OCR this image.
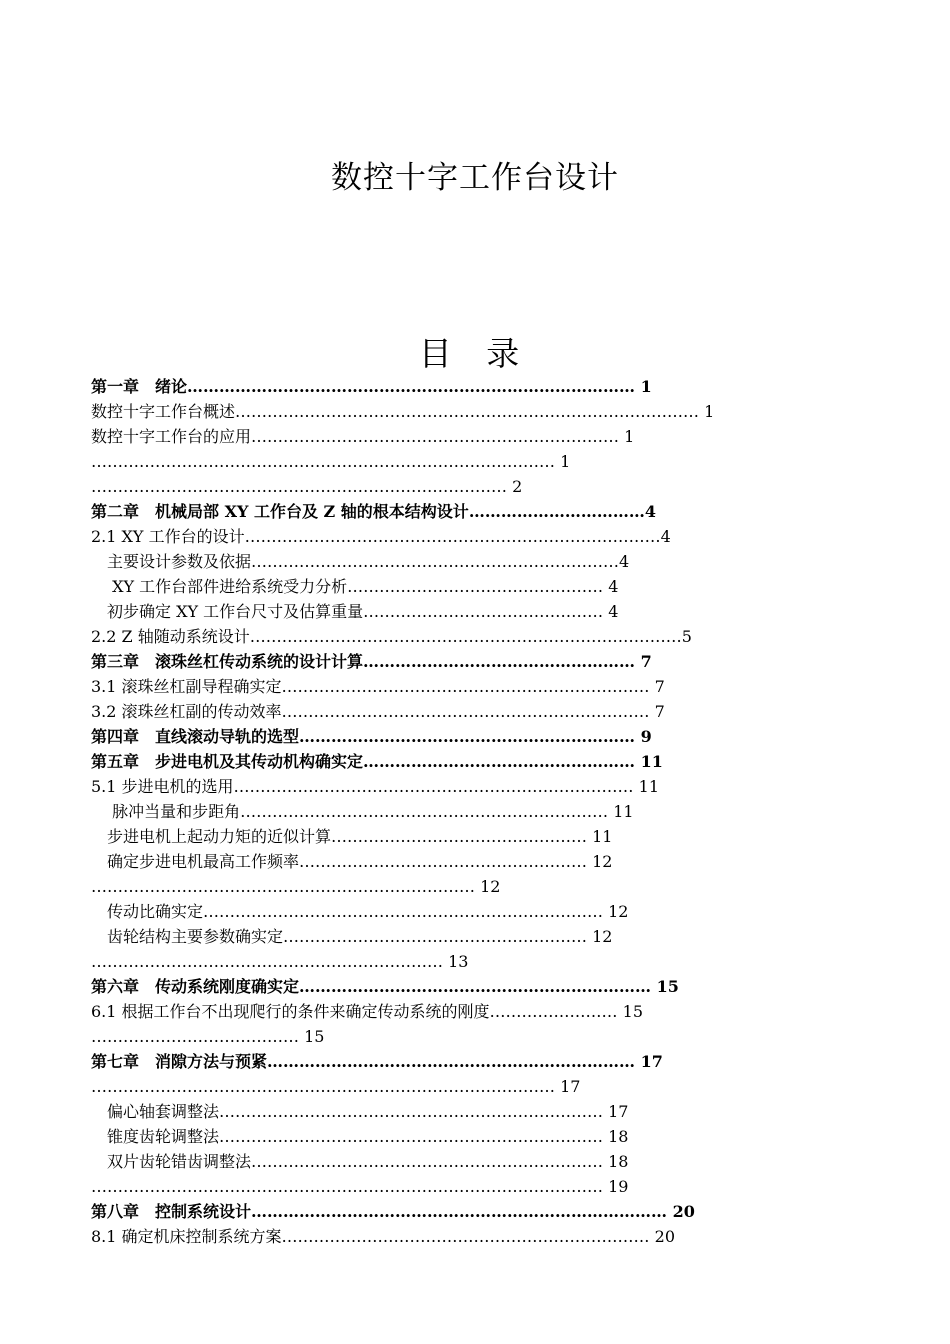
数控十字工作台设计
目 录
第一章　绪论………………………………………………………………………… 1
数控十字工作台概述…………………………………………………………………………… 1
数控十字工作台的应用…………………………………………………………… 1
…………………………………………………………………………… 1
…………………………………………………………………… 2
第二章　机械局部 XY 工作台及 Z 轴的根本结构设计……………………………4
2.1 XY 工作台的设计……………………………………………………………………4
　主要设计参数及依据……………………………………………………………4
　 XY 工作台部件进给系统受力分析………………………………………… 4
　初步确定 XY 工作台尺寸及估算重量……………………………………… 4
2.2 Z 轴随动系统设计………………………………………………………………………5
第三章　滚珠丝杠传动系统的设计计算…………………………………………… 7
3.1 滚珠丝杠副导程确实定…………………………………………………………… 7
3.2 滚珠丝杠副的传动效率…………………………………………………………… 7
第四章　直线滚动导轨的选型……………………………………………………… 9
第五章　步进电机及其传动机构确实定…………………………………………… 11
5.1 步进电机的选用………………………………………………………………… 11
　 脉冲当量和步距角…………………………………………………………… 11
　步进电机上起动力矩的近似计算………………………………………… 11
　确定步进电机最高工作频率……………………………………………… 12
……………………………………………………………… 12
　传动比确实定………………………………………………………………… 12
　齿轮结构主要参数确实定………………………………………………… 12
………………………………………………………… 13
第六章　传动系统刚度确实定………………………………………………………… 15
6.1 根据工作台不出现爬行的条件来确定传动系统的刚度…………………… 15
………………………………… 15
第七章　消隙方法与预紧…………………………………………………………… 17
…………………………………………………………………………… 17
　偏心轴套调整法……………………………………………………………… 17
　锥度齿轮调整法……………………………………………………………… 18
　双片齿轮错齿调整法………………………………………………………… 18
…………………………………………………………………………………… 19
第八章　控制系统设计…………………………………………………………………… 20
8.1 确定机床控制系统方案…………………………………………………………… 20
